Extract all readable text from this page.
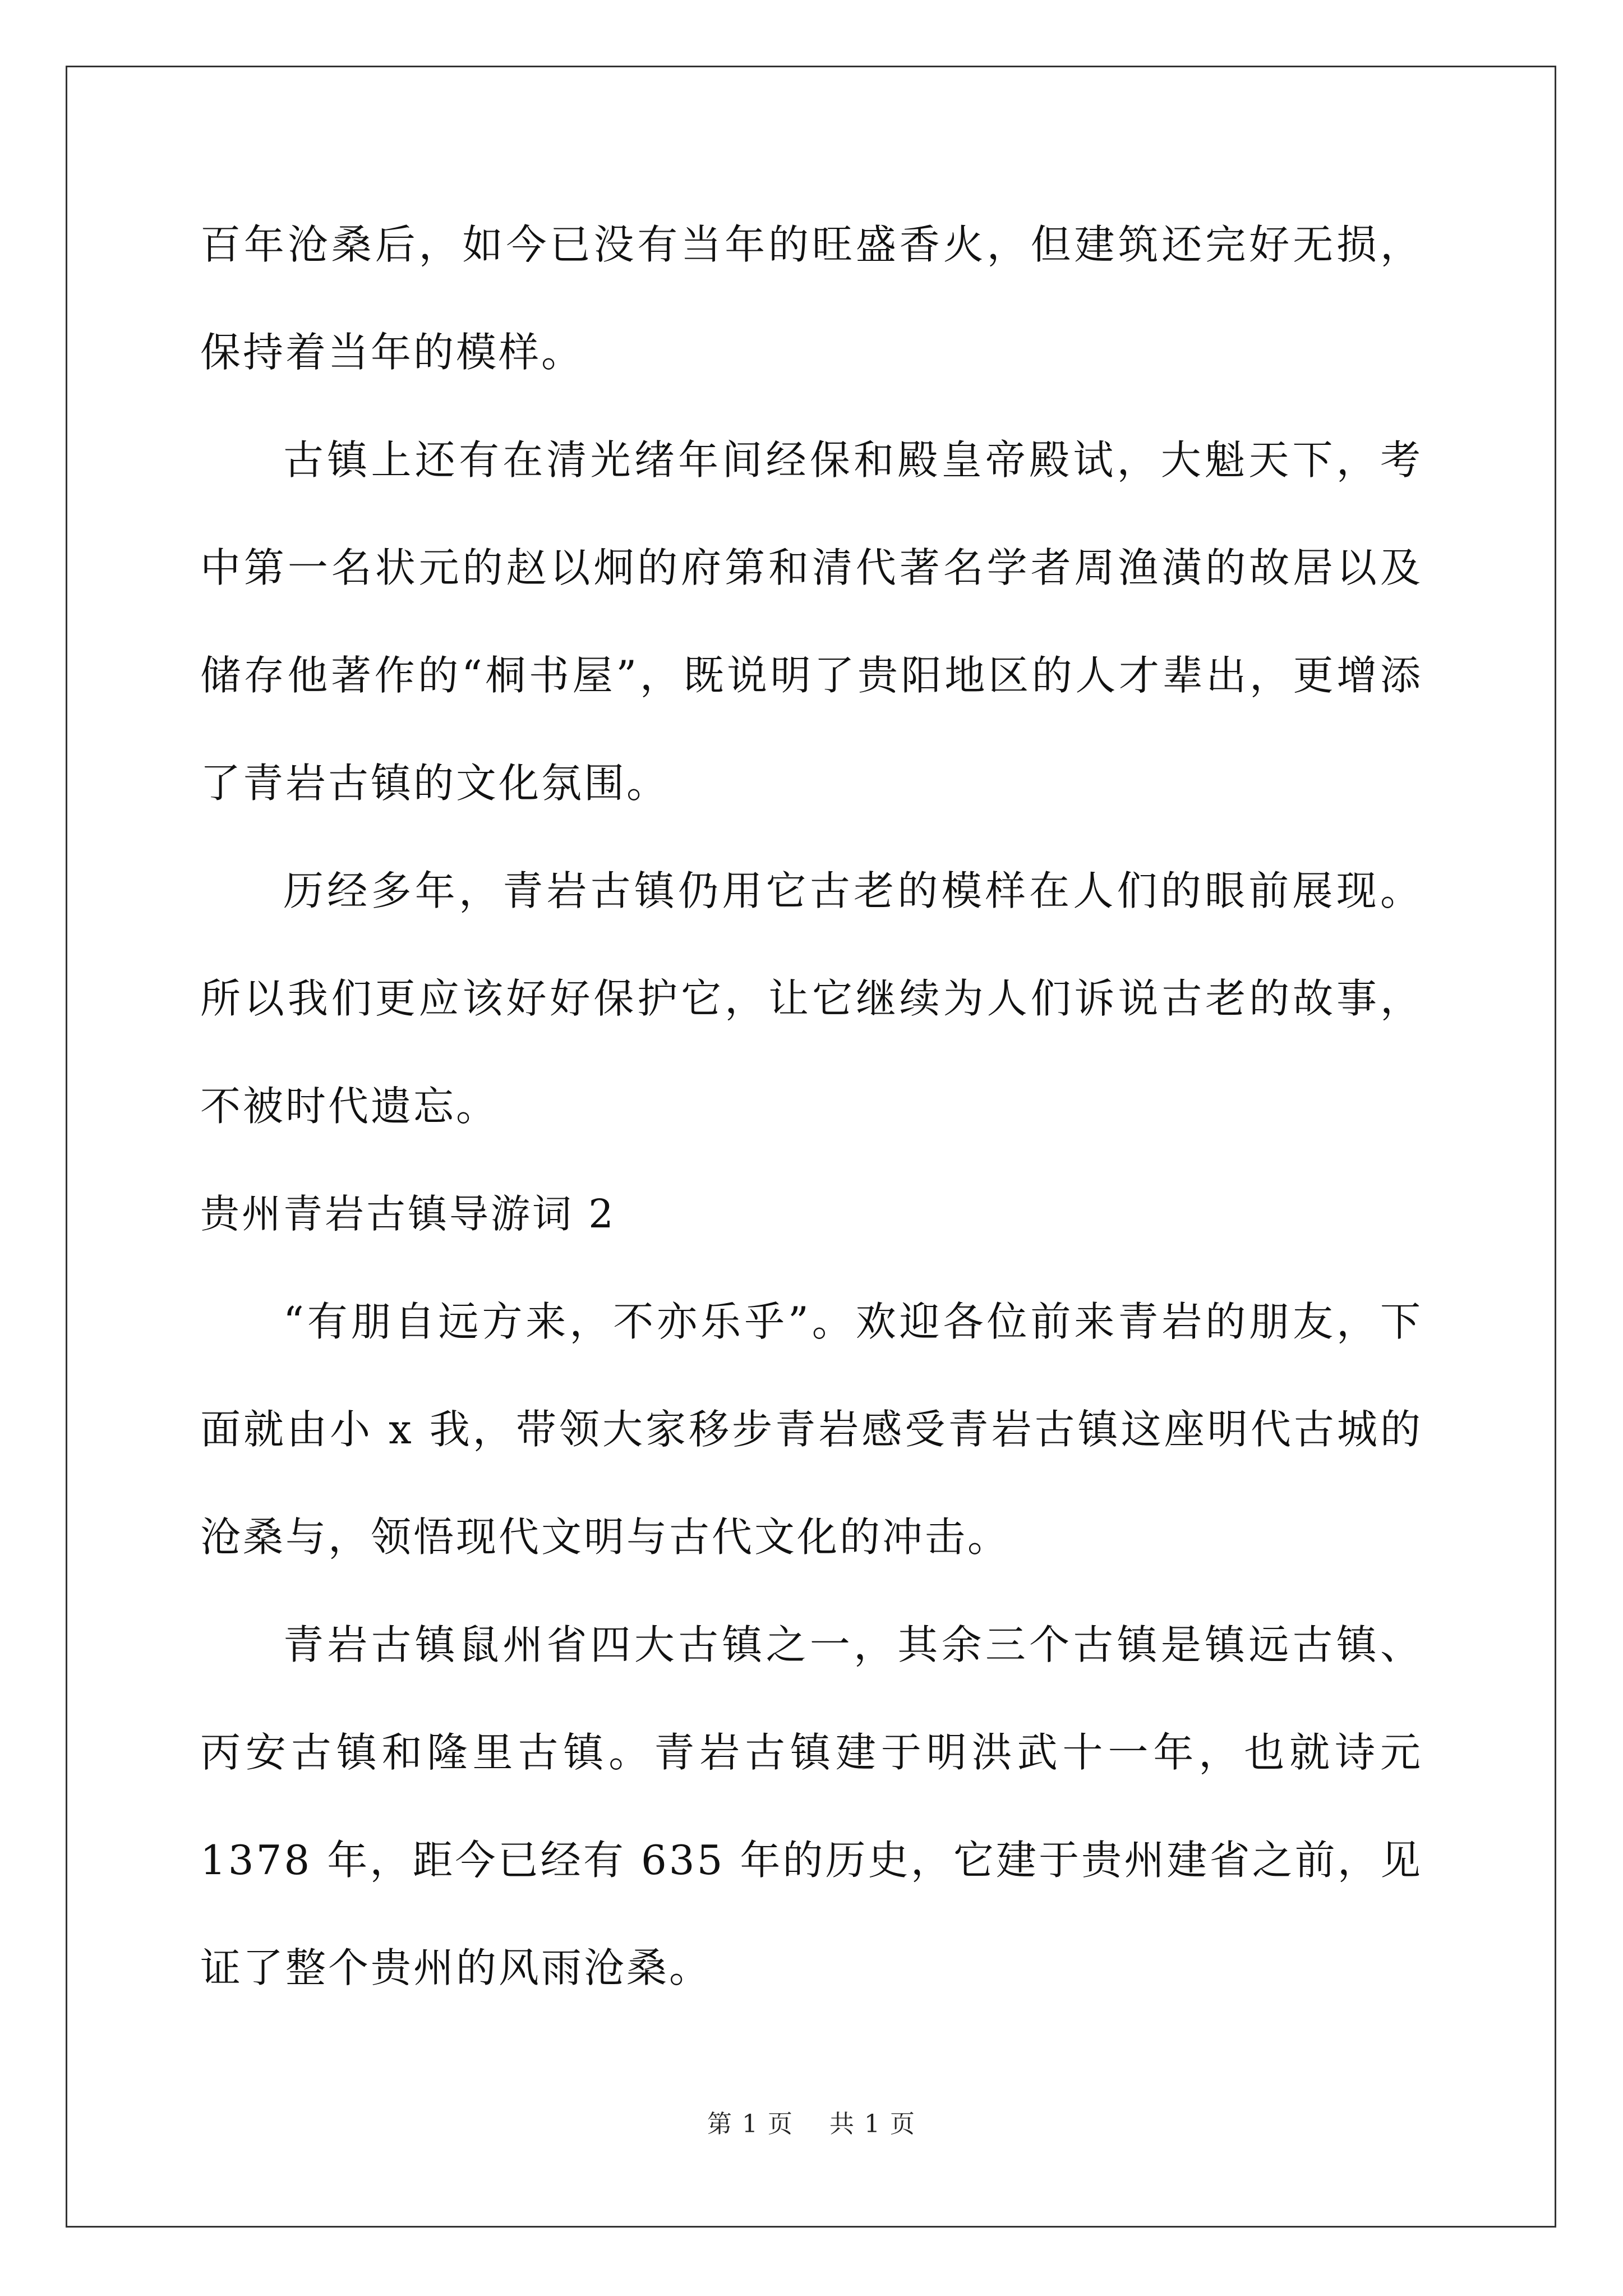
百年沧桑后，如今已没有当年的旺盛香火，但建筑还完好无损，保持着当年的模样。

古镇上还有在清光绪年间经保和殿皇帝殿试，大魁天下，考中第一名状元的赵以炯的府第和清代著名学者周渔潢的故居以及储存他著作的“桐书屋”，既说明了贵阳地区的人才辈出，更增添了青岩古镇的文化氛围。

历经多年，青岩古镇仍用它古老的模样在人们的眼前展现。所以我们更应该好好保护它，让它继续为人们诉说古老的故事，不被时代遗忘。

贵州青岩古镇导游词 2

“有朋自远方来，不亦乐乎”。欢迎各位前来青岩的朋友，下面就由小 x 我，带领大家移步青岩感受青岩古镇这座明代古城的沧桑与，领悟现代文明与古代文化的冲击。

青岩古镇鼠州省四大古镇之一，其余三个古镇是镇远古镇、丙安古镇和隆里古镇。青岩古镇建于明洪武十一年，也就诗元 1378 年，距今已经有 635 年的历史，它建于贵州建省之前，见证了整个贵州的风雨沧桑。

第 1 页 共 1 页
